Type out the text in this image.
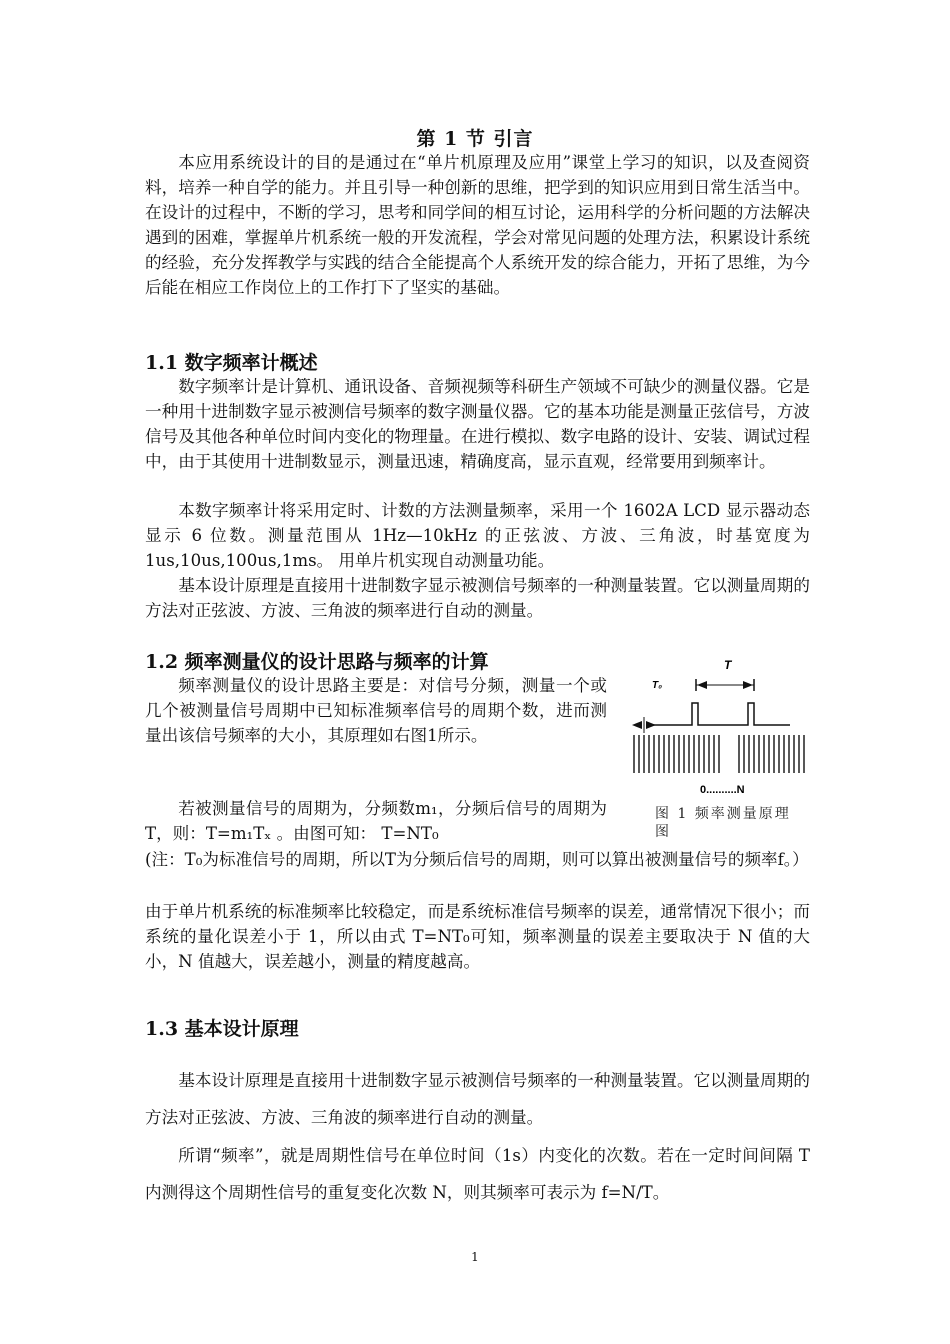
第 1 节 引言

本应用系统设计的目的是通过在“单片机原理及应用”课堂上学习的知识，以及查阅资料，培养一种自学的能力。并且引导一种创新的思维，把学到的知识应用到日常生活当中。在设计的过程中，不断的学习，思考和同学间的相互讨论，运用科学的分析问题的方法解决遇到的困难，掌握单片机系统一般的开发流程，学会对常见问题的处理方法，积累设计系统的经验，充分发挥教学与实践的结合全能提高个人系统开发的综合能力，开拓了思维，为今后能在相应工作岗位上的工作打下了坚实的基础。

1.1 数字频率计概述

数字频率计是计算机、通讯设备、音频视频等科研生产领域不可缺少的测量仪器。它是一种用十进制数字显示被测信号频率的数字测量仪器。它的基本功能是测量正弦信号，方波信号及其他各种单位时间内变化的物理量。在进行模拟、数字电路的设计、安装、调试过程中，由于其使用十进制数显示，测量迅速，精确度高，显示直观，经常要用到频率计。

本数字频率计将采用定时、计数的方法测量频率，采用一个 1602A LCD 显示器动态显示 6 位数。测量范围从 1Hz—10kHz 的正弦波、方波、三角波，时基宽度为 1us,10us,100us,1ms。 用单片机实现自动测量功能。

基本设计原理是直接用十进制数字显示被测信号频率的一种测量装置。它以测量周期的方法对正弦波、方波、三角波的频率进行自动的测量。

1.2 频率测量仪的设计思路与频率的计算

频率测量仪的设计思路主要是：对信号分频，测量一个或几个被测量信号周期中已知标准频率信号的周期个数，进而测量出该信号频率的大小，其原理如右图1所示。

若被测量信号的周期为，分频数m₁，分频后信号的周期为T，则：T=m₁Tₓ 。由图可知： T=NT₀

(注：T₀为标准信号的周期，所以T为分频后信号的周期，则可以算出被测量信号的频率f。）

由于单片机系统的标准频率比较稳定，而是系统标准信号频率的误差，通常情况下很小；而系统的量化误差小于 1，所以由式 T=NT₀可知，频率测量的误差主要取决于 N 值的大小，N 值越大，误差越小，测量的精度越高。

T
T₀
0..........N
图 1 频率测量原理图
1.3 基本设计原理

基本设计原理是直接用十进制数字显示被测信号频率的一种测量装置。它以测量周期的方法对正弦波、方波、三角波的频率进行自动的测量。

所谓“频率”，就是周期性信号在单位时间（1s）内变化的次数。若在一定时间间隔 T 内测得这个周期性信号的重复变化次数 N，则其频率可表示为 f=N/T。

1
